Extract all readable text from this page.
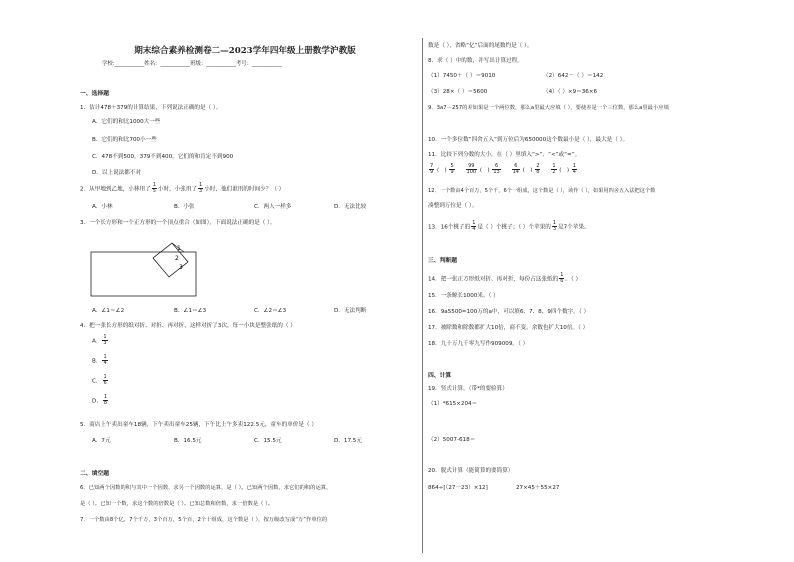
期末综合素养检测卷二—2023学年四年级上册数学沪教版
学校:___________姓名：___________班级：___________考号：___________
一、选择题
1．估计478＋379的计算结果，下列说法正确的是（ ）。
A．它们的和比1000大一些
B．它们的和比700小一些
C．478不到500，379不到400，它们的和肯定不到900
D．以上说法都不对
2．从甲地到乙地，小林用了 $\frac{1}{5}$ 小时，小张用了 $\frac{1}{3}$ 小时，他们谁用的时间少？（ ）
A．小林	B．小张	C．两人一样多	D．无法比较
3．一个长方形和一个正方形的一个顶点重合（如图），下面说法正确的是（ ）。
1
2
3
A．∠1＝∠2	B．∠1＝∠3	C．∠2＝∠3	D．无法判断
4．把一张长方形的纸对折、对折、再对折，这样对折了3次，每一小块是整张纸的（ ）
A． $\frac{1}{3}$
B． $\frac{1}{4}$
C． $\frac{1}{6}$
D． $\frac{1}{8}$
5．商店上午卖出童车18辆，下午卖出童车25辆，下午比上午多卖122.5元，童车的单价是（ ）
A．7元	B．16.5元	C．15.5元	D．17.5元
二、填空题
6．已知两个因数的积与其中一个因数，求另一个因数的运算，是（ ）。已知两个因数，求它们的积的运算，
是（ ）。已知一个数，求这个数的倍数是（ ）。已知总数和倍数，求一倍数是（ ）。
7．一个数由8个亿，7个千万，3个百万，5个百，2个十组成，这个数是（ ），按万级改写成“万”作单位的
数是（ ），省略“亿”后面的尾数约是（ ）。
8．求（ ）中的数，并写出计算过程。
（1）7450＋（ ）＝9010	（2）642－（ ）＝142
（3）28×（ ）＝5600	（4）（ ）×9＝36×6
9．3a7－257的差如果是一个两位数，那么a里最大应填（ ），要使差是一个三位数，那么a里最小应填
10．一个多位数“四舍五入”到万位后为650000这个数最小是（ ），最大是（ ）。
11．比较下列分数的大小，在（ ）里填入“>”、“<”或“=”。
$\frac{7}{9}$ (   ) $\frac{5}{9}$
$\frac{99}{100}$ (   ) $\frac{6}{13}$
$\frac{6}{14}$ (   ) $\frac{2}{8}$
$\frac{1}{2}$ (   ) $\frac{1}{4}$
12．一个数由4个百万，5个千，6个一组成，这个数是（ ），读作（ ），如果用四舍五入法把这个数
凑整到万位是（ ）。
13．16个桃子的 $\frac{1}{4}$ 是（ ）个桃子；（ ）个苹果的 $\frac{1}{3}$ 是7个苹果。
三、判断题
14．把一张正方形纸对折、再对折，每份占这张纸的 $\frac{1}{6}$ 。（ ）
15．一条鲸长1000米。（ ）
16．9a5500≈100万的a中，可以填6、7、8、9四个数字。（ ）
17．被除数和除数都扩大10倍，商不变，余数也扩大10倍。（ ）
18．九十万九千零九写作909009。（ ）
四、计算
19．竖式计算。（带*的要验算）
（1）*615×204＝
（2）5007-618＝
20．脱式计算（能简算的要简算）
864÷[（27－23）×12]	27×45＋55×27
